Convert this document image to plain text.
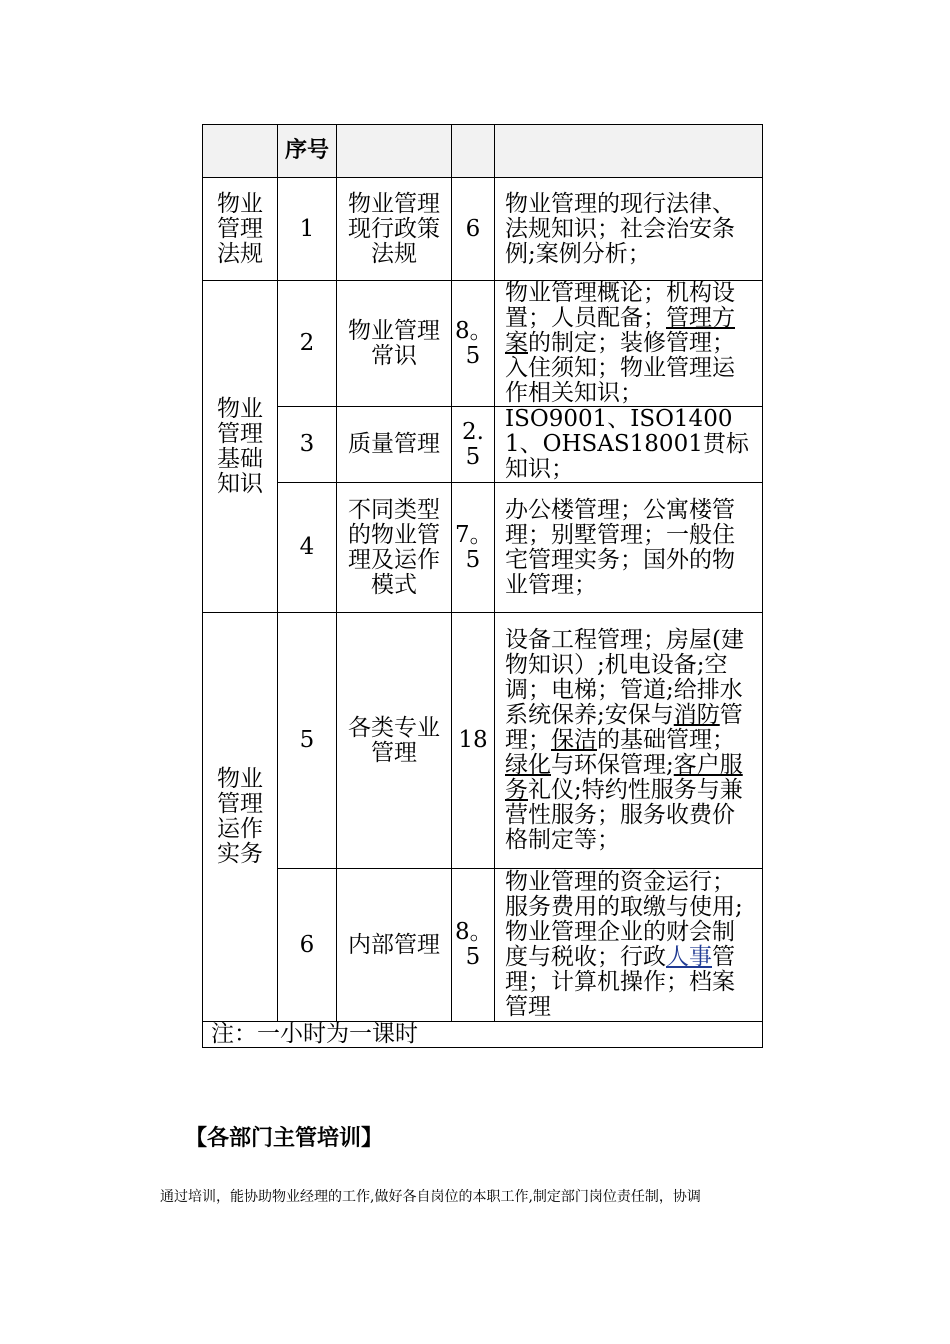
	序号			
物业管理法规	1	物业管理现行政策法规	6	物业管理的现行法律、法规知识；社会治安条例;案例分析；
物业管理基础知识	2	物业管理常识	8。5	物业管理概论；机构设置；人员配备；管理方案的制定；装修管理；入住须知；物业管理运作相关知识；
	3	质量管理	2.5	ISO9001、ISO14001、OHSAS18001贯标知识；
	4	不同类型的物业管理及运作模式	7。5	办公楼管理；公寓楼管理；别墅管理；一般住宅管理实务；国外的物业管理；
物业管理运作实务	5	各类专业管理	18	设备工程管理；房屋(建物知识）;机电设备;空调；电梯；管道;给排水系统保养;安保与消防管理；保洁的基础管理；绿化与环保管理;客户服务礼仪;特约性服务与兼营性服务；服务收费价格制定等；
	6	内部管理	8。5	物业管理的资金运行；服务费用的取缴与使用;物业管理企业的财会制度与税收；行政人事管理；计算机操作；档案管理
注：一小时为一课时				
【各部门主管培训】

通过培训，能协助物业经理的工作,做好各自岗位的本职工作,制定部门岗位责任制，协调
